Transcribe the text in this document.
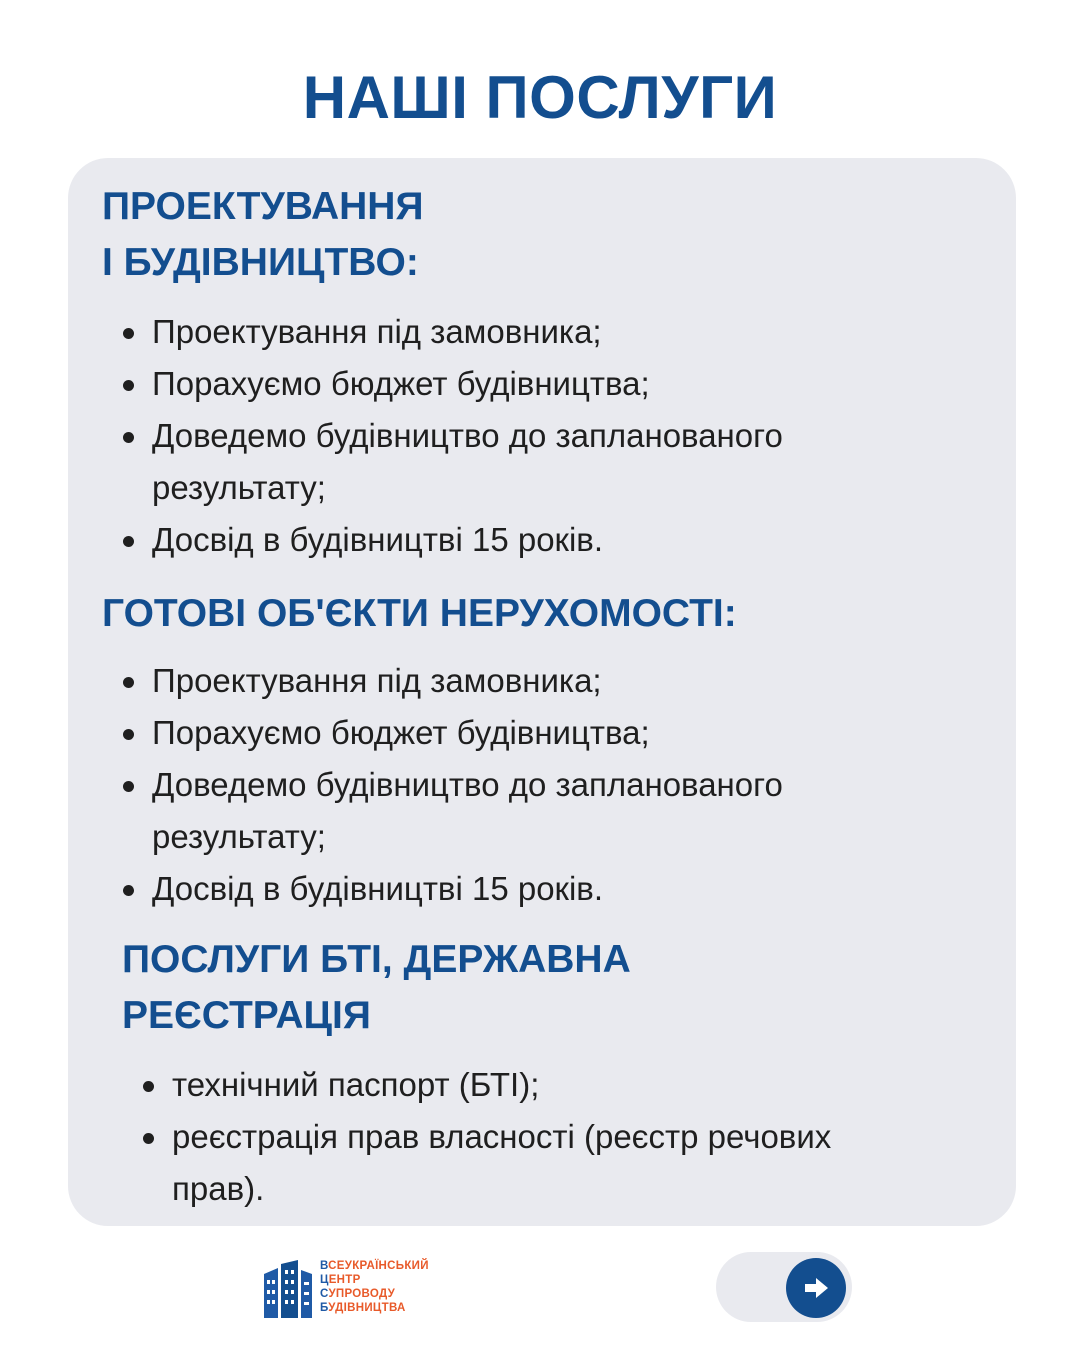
НАШІ ПОСЛУГИ
ПРОЕКТУВАННЯ
І БУДІВНИЦТВО:
Проектування під замовника;
Порахуємо бюджет будівництва;
Доведемо будівництво до запланованого
результату;
Досвід в будівництві 15 років.
ГОТОВІ ОБ'ЄКТИ НЕРУХОМОСТІ:
Проектування під замовника;
Порахуємо бюджет будівництва;
Доведемо будівництво до запланованого
результату;
Досвід в будівництві 15 років.
ПОСЛУГИ БТІ, ДЕРЖАВНА
РЕЄСТРАЦІЯ
технічний паспорт (БТІ);
реєстрація прав власності (реєстр речових
прав).
ВСЕУКРАЇНСЬКИЙ
ЦЕНТР
СУПРОВОДУ
БУДІВНИЦТВА
